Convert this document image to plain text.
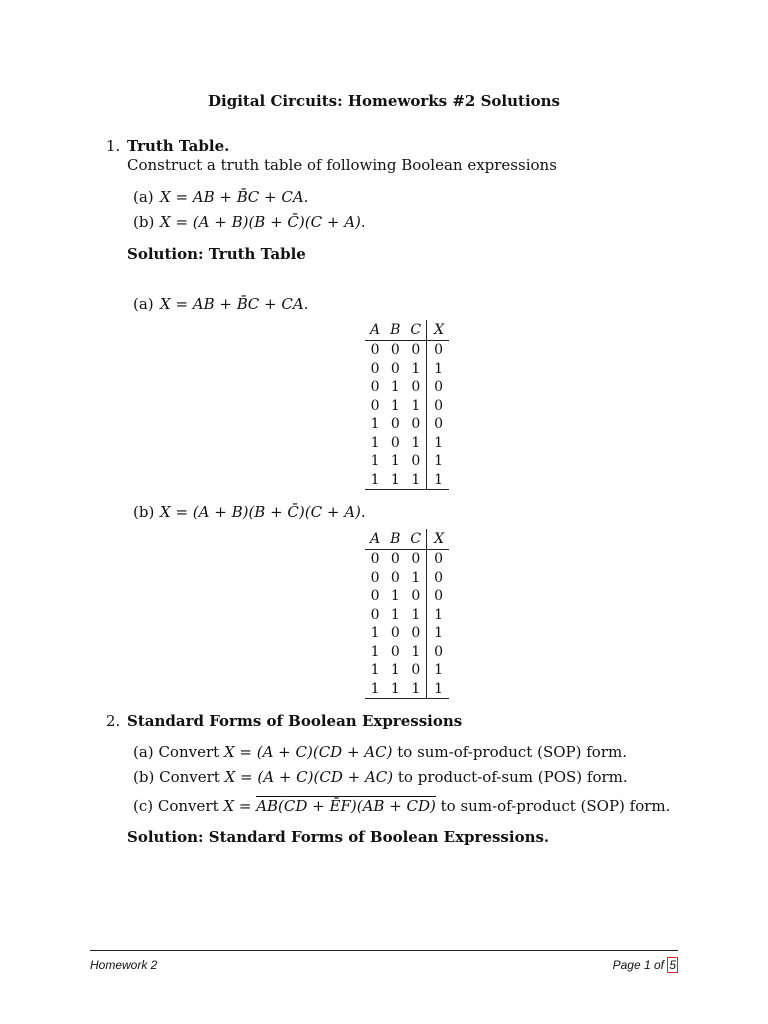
Digital Circuits: Homeworks #2 Solutions
1. Truth Table.
Construct a truth table of following Boolean expressions
(a) X = AB + B̄C + CA.
(b) X = (A + B)(B + C̄)(C + A).
Solution: Truth Table
(a) X = AB + B̄C + CA.
A	B	C	X
0	0	0	0
0	0	1	1
0	1	0	0
0	1	1	0
1	0	0	0
1	0	1	1
1	1	0	1
1	1	1	1
(b) X = (A + B)(B + C̄)(C + A).
A	B	C	X
0	0	0	0
0	0	1	0
0	1	0	0
0	1	1	1
1	0	0	1
1	0	1	0
1	1	0	1
1	1	1	1
2. Standard Forms of Boolean Expressions
(a) Convert X = (A + C)(CD + AC) to sum-of-product (SOP) form.
(b) Convert X = (A + C)(CD + AC) to product-of-sum (POS) form.
(c) Convert X = AB(CD + ĒF)(AB + CD) to sum-of-product (SOP) form.
Solution: Standard Forms of Boolean Expressions.
Homework 2	Page 1 of 5
